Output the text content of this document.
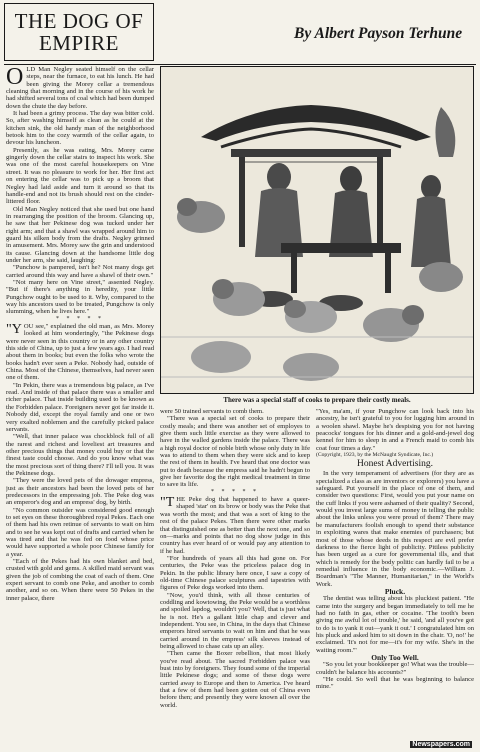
THE DOG OF
EMPIRE	By Albert Payson Terhune

OLD Man Negley seated himself on the cellar steps, near the furnace, to eat his lunch. He had been giving the Morey cellar a tremendous cleaning that morning and in the course of his work he had shifted several tons of coal which had been dumped down the chute the day before.

It had been a grimy process. The day was bitter cold. So, after washing himself as clean as he could at the kitchen sink, the old handy man of the neighborhood betook him to the cozy warmth of the cellar again, to devour his luncheon.

Presently, as he was eating, Mrs. Morey came gingerly down the cellar stairs to inspect his work. She was one of the most careful housekeepers on Vine street. It was no pleasure to work for her. Her first act on entering the cellar was to pick up a broom that Negley had laid aside and turn it around so that its handle-end and not its brush should rest on the cinder-littered floor.

Old Man Negley noticed that she used but one hand in rearranging the position of the broom. Glancing up, he saw that her Pekinese dog was tucked under her right arm; and that a shawl was wrapped around him to guard his silken body from the drafts. Negley grinned in amusement. Mrs. Morey saw the grin and understood its cause. Glancing down at the handsome little dog under her arm, she said, laughing:

"Punchow is pampered, isn't he? Not many dogs get carried around this way and have a shawl of their own."

"Not many here on Vine street," assented Negley. "But if there's anything in heredity, your little Pungchow ought to be used to it. Why, compared to the way his ancestors used to be treated, Pungchow is only slumming, when he lives here."

* * * * *

"YOU see," explained the old man, as Mrs. Morey looked at him wonderingly, "the Pekinese dogs were never seen in this country or in any other country this side of China, up to just a few years ago. I had read about them in books; but even the folks who wrote the books hadn't ever seen a Peke. Nobody had, outside of China. Most of the Chinese, themselves, had never seen one of them.

"In Pekin, there was a tremendous big palace, as I've read. And inside of that palace there was a smaller and richer palace. That inside building used to be known as the Forbidden palace. Foreigners never got far inside it. Nobody did, except the royal family and one or two very exalted noblemen and the carefully picked palace servants.

"Well, that inner palace was chockblock full of all the rarest and richest and loveliest art treasures and other precious things that money could buy or that the finest taste could choose. And do you know what was the most precious sort of thing there? I'll tell you. It was the Pekinese dogs.

"They were the loved pets of the dowager empress, just as their ancestors had been the loved pets of her predecessors in the empressing job. The Peke dog was an emperor's dog and an empress' dog, by birth.

"No common outsider was considered good enough to set eyes on these thoroughbred royal Pekes. Each one of them had his own retinue of servants to wait on him and to see he was kept out of drafts and carried when he was tired and that he was fed on food whose price would have supported a whole poor Chinese family for a year.

"Each of the Pekes had his own blanket and bed, crusted with gold and gems. A skilled maid servant was given the job of combing the coat of each of them. One expert servant to comb one Peke, and another to comb another, and so on. When there were 50 Pekes in the inner palace, there

There was a special staff of cooks to prepare their costly meals.

were 50 trained servants to comb them.

"There was a special set of cooks to prepare their costly meals; and there was another set of employes to give them such little exercise as they were allowed to have in the walled gardens inside the palace. There was a high royal doctor of noble birth whose only duty in life was to attend to them when they were sick and to keep the rest of them in health. I've heard that one doctor was put to death because the empress said he hadn't begun to give her favorite dog the right medical treatment in time to save its life.

* * * * *

"THE Peke dog that happened to have a queer-shaped 'star' on its brow or body was the Peke that was worth the most; and that was a sort of king to the rest of the palace Pekes. Then there were other marks that distinguished one as better than the next one, and so on—marks and points that no dog show judge in this country has ever heard of or would pay any attention to if he had.

"For hundreds of years all this had gone on. For centuries, the Peke was the priceless palace dog in Pekin. In the public library here once, I saw a copy of old-time Chinese palace sculptures and tapestries with figures of Peke dogs worked into them.

"Now, you'd think, with all those centuries of coddling and kowtowing, the Peke would be a worthless and spoiled lapdog, wouldn't you? Well, that is just what he is not. He's a gallant little chap and clever and independent. You see, in China, in the days that Chinese emperors hired servants to wait on him and that he was carried around in the empress' silk sleeves instead of being allowed to chase cats up an alley.

"Then came the Boxer rebellion, that most likely you've read about. The sacred Forbidden palace was bust into by foreigners. They found some of the imperial little Pekinese dogs; and some of these dogs were carried away to Europe and then to America. I've heard that a few of them had been gotten out of China even before then; and presently they were known all over the world.

"Yes, ma'am, if your Pungchow can look back into his ancestry, he isn't grateful to you for lugging him around in a woolen shawl. Maybe he's despising you for not having peacocks' tongues for his dinner and a gold-and-jewel dog kennel for him to sleep in and a French maid to comb his coat four times a day."

(Copyright, 1923, by the McNaught Syndicate, Inc.)

Honest Advertising.

In the very temperament of advertisers (for they are as specialized a class as are inventors or explorers) you have a safeguard. Put yourself in the place of one of them, and consider two questions: First, would you put your name on the cuff links if you were ashamed of their quality? Second, would you invest large sums of money in telling the public about the links unless you were proud of them? There may be manufacturers foolish enough to spend their substance in exploiting wares that make enemies of purchasers; but most of those whose deeds in this respect are evil prefer darkness to the fierce light of publicity. Pitiless publicity has been urged as a cure for governmental ills, and that which is remedy for the body politic can hardly fail to be a remedial influence in the body economic.—William J. Boardman's "The Manner, Humanitarian," in the World's Work.

Pluck.

The dentist was telling about his pluckiest patient. "He came into the surgery and began immediately to tell me he had no faith in gas, ether or cocaine. 'The tooth's been giving me awful lot of trouble,' he said, 'and all you've got to do is to yank it out—yank it out.' I congratulated him on his pluck and asked him to sit down in the chair. 'O, no!' he exclaimed. 'It's not for me—it's for my wife. She's in the waiting room.'"

Only Too Well.

"So you let your bookkeeper go! What was the trouble—couldn't he balance his accounts?"

"He could. So well that he was beginning to balance mine."

Newspapers.com
